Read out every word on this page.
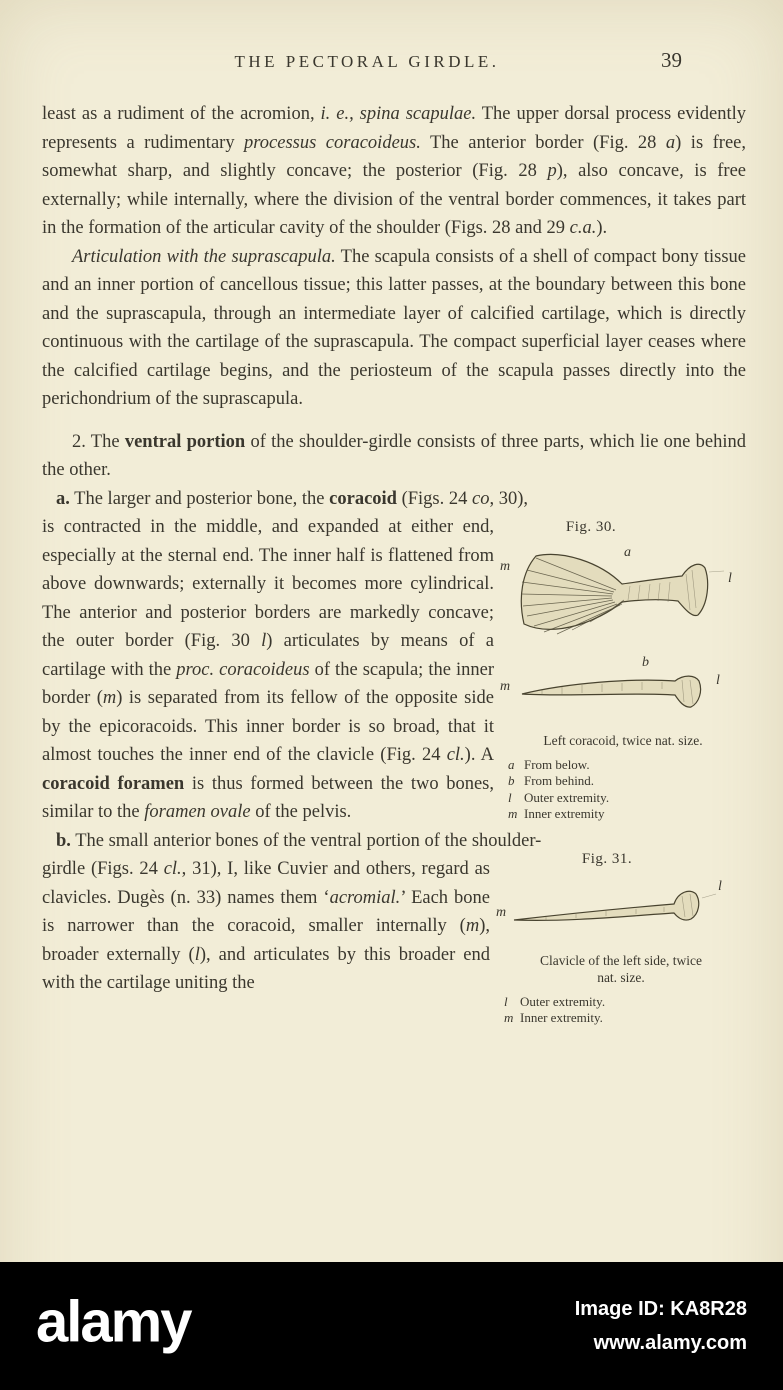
THE PECTORAL GIRDLE.	39

least as a rudiment of the acromion, i. e., spina scapulae. The upper dorsal process evidently represents a rudimentary processus coracoideus. The anterior border (Fig. 28 a) is free, somewhat sharp, and slightly concave; the posterior (Fig. 28 p), also concave, is free externally; while internally, where the division of the ventral border commences, it takes part in the formation of the articular cavity of the shoulder (Figs. 28 and 29 c.a.).

Articulation with the suprascapula. The scapula consists of a shell of compact bony tissue and an inner portion of cancellous tissue; this latter passes, at the boundary between this bone and the suprascapula, through an intermediate layer of calcified cartilage, which is directly continuous with the cartilage of the suprascapula. The compact superficial layer ceases where the calcified cartilage begins, and the periosteum of the scapula passes directly into the perichondrium of the suprascapula.

2. The ventral portion of the shoulder-girdle consists of three parts, which lie one behind the other.

a. The larger and posterior bone, the coracoid (Figs. 24 co, 30),

is contracted in the middle, and expanded at either end, especially at the sternal end. The inner half is flattened from above downwards; externally it becomes more cylindrical. The anterior and posterior borders are markedly concave; the outer border (Fig. 30 l) articulates by means of a cartilage with the proc. coracoideus of the scapula; the inner border (m) is separated from its fellow of the opposite side by the epicoracoids. This inner border is so broad, that it almost touches the inner end of the clavicle (Fig. 24 cl.). A coracoid foramen is thus formed between the two bones, similar to the foramen ovale of the pelvis.

Fig. 30.
m
a
l
m
b
l
Left coracoid, twice nat. size.
a From below.
b From behind.
l Outer extremity.
m Inner extremity

b. The small anterior bones of the ventral portion of the shoulder-

girdle (Figs. 24 cl., 31), I, like Cuvier and others, regard as clavicles. Dugès (n. 33) names them ‘acromial.’ Each bone is narrower than the coracoid, smaller internally (m), broader externally (l), and articulates by this broader end with the cartilage uniting the

Fig. 31.
m
l
Clavicle of the left side, twice nat. size.
l Outer extremity.
m Inner extremity.
alamy	Image ID: KA8R28
www.alamy.com
